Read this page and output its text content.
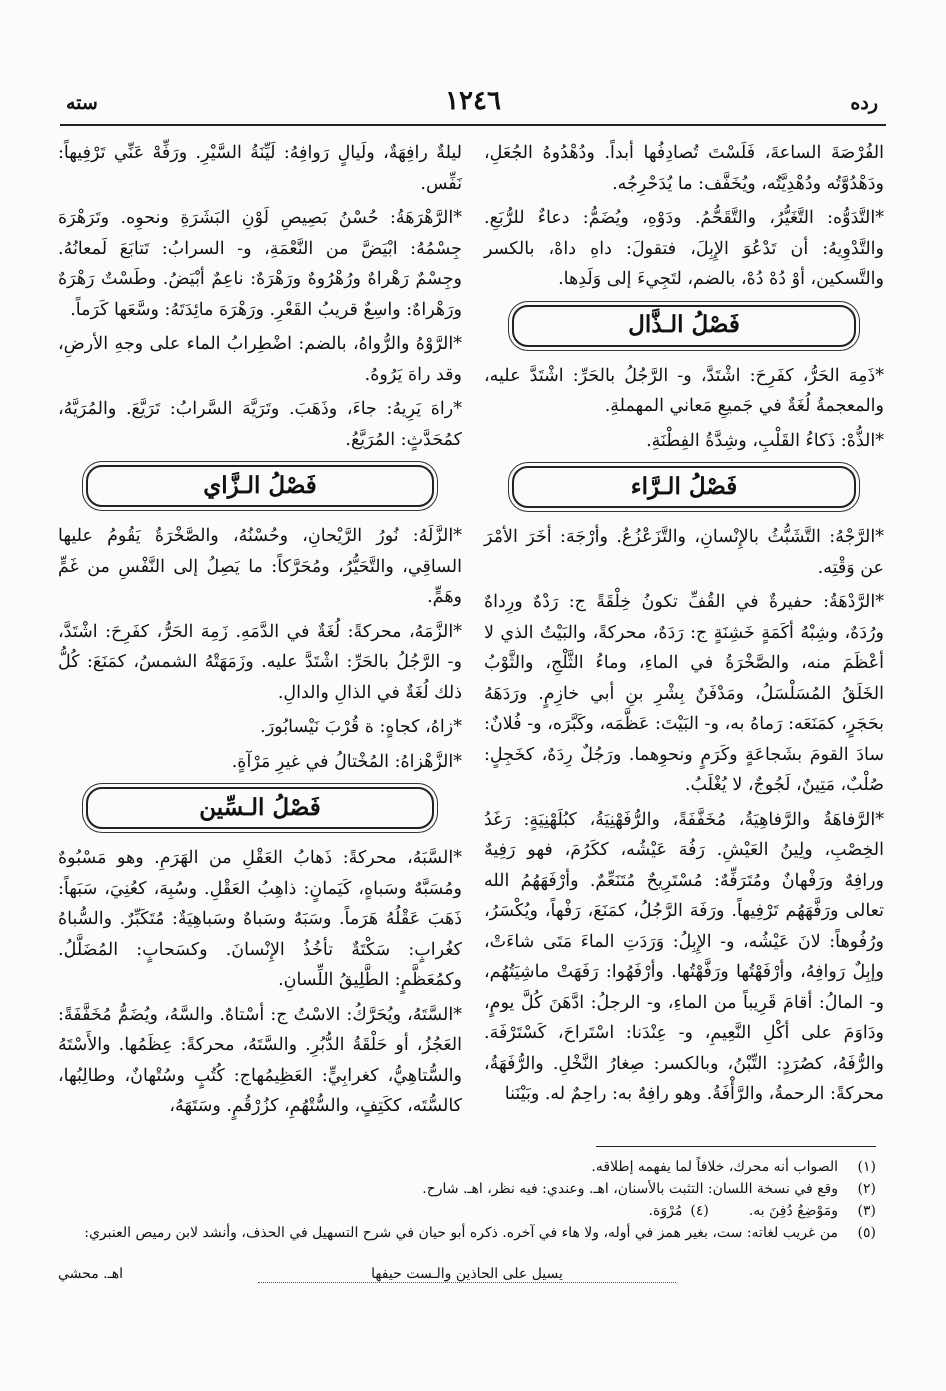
رده
١٢٤٦
سته

الفُرْصَةَ الساعةَ، فَلَسْتَ تُصادِفُها أبداً. ودُهْدُوهُ الجُعَلِ، ودَهْدُوَّتُه ودُهْدِيَّتُه، ويُخَفَّف: ما يُدَحْرِجُه.

*التَّدَوُّه: التَّغَيُّرُ، والتَّقَحُّمُ. ودَوْهِ، ويُضَمُّ: دعاءٌ للرُّبَعِ. والتَّدْوِيهُ: أن تَدْعُوَ الإِبِلَ، فتقولَ: داهِ داهْ، بالكسر والتَّسكين، أوْ دُهْ دُهْ، بالضم، لتَجِيءَ إلى وَلَدِها.

فَصْلُ الـذَّال

*ذَمِهَ الحَرُّ، كفَرِحَ: اشْتَدَّ، و- الرَّجُلُ بالحَرِّ: اشْتَدَّ عليه، والمعجمةُ لُغَةٌ في جَميعِ مَعاني المهملةِ.

*الذُّهْ: ذَكاءُ القَلْبِ، وشِدَّةُ الفِطْنَةِ.

فَصْلُ الـرَّاء

*الرَّجْهُ: التَّشَبُّثُ بالإِنْسانِ، والتَّزَعْزُعُ. وأرْجَهَ: أخَرَ الأمْرَ عن وَقْتِه.

*الرَّدْهَةُ: حفيرةٌ في القُفِّ تكونُ خِلْقَةً ج: رَدْهٌ ورِداهٌ ورُدَهٌ، وشِبْهُ أكَمَةٍ خَشِنَةٍ ج: رَدَهٌ، محركةً، والبَيْتُ الذي لا أعْظَمَ منه، والصَّخْرَةُ في الماءِ، وماءُ الثَّلْجِ، والثَّوْبُ الخَلَقُ المُسَلْسَلُ، ومَدْفَنٌ بِشْرِ بنِ أبي خازِمٍ. ورَدَهَهُ بحَجَرٍ، كمَنَعَه: رَماهُ به، و- البَيْتَ: عَظَّمَه، وكَبَّرَه، و- فُلانٌ: سادَ القومَ بشَجاعَةٍ وكَرَمٍ ونحوِهما. ورَجُلٌ رِدَهٌ، كخَجِلٍ: صُلْبٌ، مَتِينٌ، لَجُوجٌ، لا يُغْلَبُ.

*الرَّفاهَةُ والرَّفاهِيَةُ، مُخَفَّفَةً، والرُّفَهْنِيَةُ، كبُلَهْنِيَةٍ: رَغَدُ الخِصْبِ، ولِينُ العَيْشِ. رَفُهَ عَيْشُه، ككَرُمَ، فهو رَفِيهٌ ورافِهٌ ورَفْهانٌ ومُتَرَفِّهٌ: مُسْتَرِيحٌ مُتَنَعِّمٌ. وأرْفَهَهُمُ الله تعالى ورَفَّهَهُم تَرْفِيهاً. ورَفَهَ الرَّجُلُ، كمَنَعَ، رَفْهاً، ويُكْسَرُ، ورُفُوهاً: لانَ عَيْشُه، و- الإِبِلُ: وَرَدَتِ الماءَ مَتَى شاءَتْ، وإبِلٌ رَوافِهُ، وأرْفَهْتُها ورَفَّهْتُها. وأرْفَهُوا: رَفَهَتْ ماشِيَتُهُم، و- المالُ: أقامَ قَرِيباً من الماءِ، و- الرجلُ: ادَّهَنَ كُلَّ يومٍ، ودَاوَمَ على أكْلِ النَّعِيمِ، و- عِنْدَنا: اسْتَراحَ، كَسْتَرْفَهَ. والرُّفَهُ، كصُرَدٍ: التِّبْنُ، وبالكسر: صِغارُ النَّخْلِ. والرُّفَهَةُ، محركةً: الرحمةُ، والرَّأْفَةُ. وهو رافِهٌ به: راحِمٌ له. وبَيْنَنا

ليلةٌ رافِهَةٌ، ولَيالٍ رَوافِهُ: لَيِّنَةُ السَّيْرِ. ورَفِّهْ عَنِّي تَرْفِيهاً: نَفِّس.

*الرَّهْرَهَةُ: حُسْنُ بَصِيصِ لَوْنِ البَشَرَةِ ونحوِه. وتَرَهْرَهَ جِسْمُهُ: ابْيَضَّ من النَّعْمَةِ، و- السرابُ: تَتابَعَ لَمعانُهُ. وجِسْمٌ رَهْراهٌ ورُهْرُوهٌ ورَهْرَهٌ: ناعِمٌ أبْيَضُ. وطَسْتٌ رَهْرَهٌ ورَهْراهٌ: واسِعٌ قريبُ القَعْرِ. ورَهْرَهَ مائِدَتَهُ: وسَّعَها كَرَماً.

*الرَّوْهُ والرُّواهُ، بالضم: اضْطِرابُ الماء على وجهِ الأرضِ، وقد راهَ يَرُوهُ.

*راهَ يَرِيهُ: جاءَ، وذَهَبَ. وتَرَيَّهَ السَّرابُ: تَرَيَّعَ. والمُرَيَّهُ، كمُحَدَّثٍ: المُرَيَّعُ.

فَصْلُ الـزَّاي

*الزَّلَهُ: نُورُ الرَّيْحانِ، وحُسْنُهُ، والصَّخْرَةُ يَقُومُ عليها الساقِي، والتَّحَيُّرُ، ومُحَرَّكاً: ما يَصِلُ إلى النَّفْسِ من غَمٍّ وهَمٍّ.

*الزَّمَهُ، محركةً: لُغَةٌ في الدَّمَهِ. زَمِهَ الحَرُّ، كفَرِحَ: اشْتَدَّ، و- الرَّجُلُ بالحَرِّ: اشْتَدَّ عليه. وزَمَهَتْهُ الشمسُ، كمَنَعَ: كُلُّ ذلك لُغَةٌ في الذالِ والدالِ.

*زاهُ، كجاهٍ: ة قُرْبَ نَيْسابُورَ.

*الزَّهْزاهُ: المُخْتالُ في غيرِ مَرْآةٍ.

فَصْلُ الـسِّين

*السَّبَهُ، محركةً: ذَهابُ العَقْلِ من الهَرَمِ. وهو مَسْبُوهٌ ومُسَبَّهٌ وسَباهٍ، كَيَمانٍ: ذاهِبُ العَقْلِ. وسُبِهَ، كعُنِيَ، سَبَهاً: ذَهَبَ عَقْلُهُ هَرَماً. وسَبَهٌ وسَباهٌ وسَباهِيَةٌ: مُتَكَبِّرٌ. والسُّباهُ كغُرابٍ: سَكْتَةٌ تأخُذُ الإِنْسانَ. وكسَحابٍ: المُضَلَّلُ. وكمُعَظَّمٍ: الطَّلِيقُ اللِّسانِ.

*السَّتَهُ، ويُحَرَّكُ: الاسْتُ ج: أسْتاهٌ. والسَّهُ، ويُضَمُّ مُخَفَّفَةً: العَجُزُ، أو حَلْقَةُ الدُّبُرِ. والسَّتَهُ، محركةً: عِظَمُها. والأَسْتَهُ والسُّتاهِيُّ، كغرابِيٍّ: العَظِيمُهاج: كُتُبٍ وسُتْهانٌ، وطالِبُها، كالسُّتَه، ككَتِفٍ، والسُّتْهُمِ، كزُرْقُمٍ. وسَتَهَهُ،

(١)
الصواب أنه محرك، خلافاً لما يفهمه إطلاقه.
(٢)
وقع في نسخة اللسان: التثبت بالأسنان، اهـ. وعندي: فيه نظر، اهـ. شارح.
(٣)
ومَوْضِعُ دُفِنَ به.
(٤)
مُرْوَة.
(٥)
من غريب لغاته: ست، بغير همز في أوله، ولا هاء في آخره. ذكره أبو حيان في شرح التسهيل في الحذف، وأنشد لابن رميص العنبري:
يسيل على الحاذين والـست حيفها
اهـ. محشي
